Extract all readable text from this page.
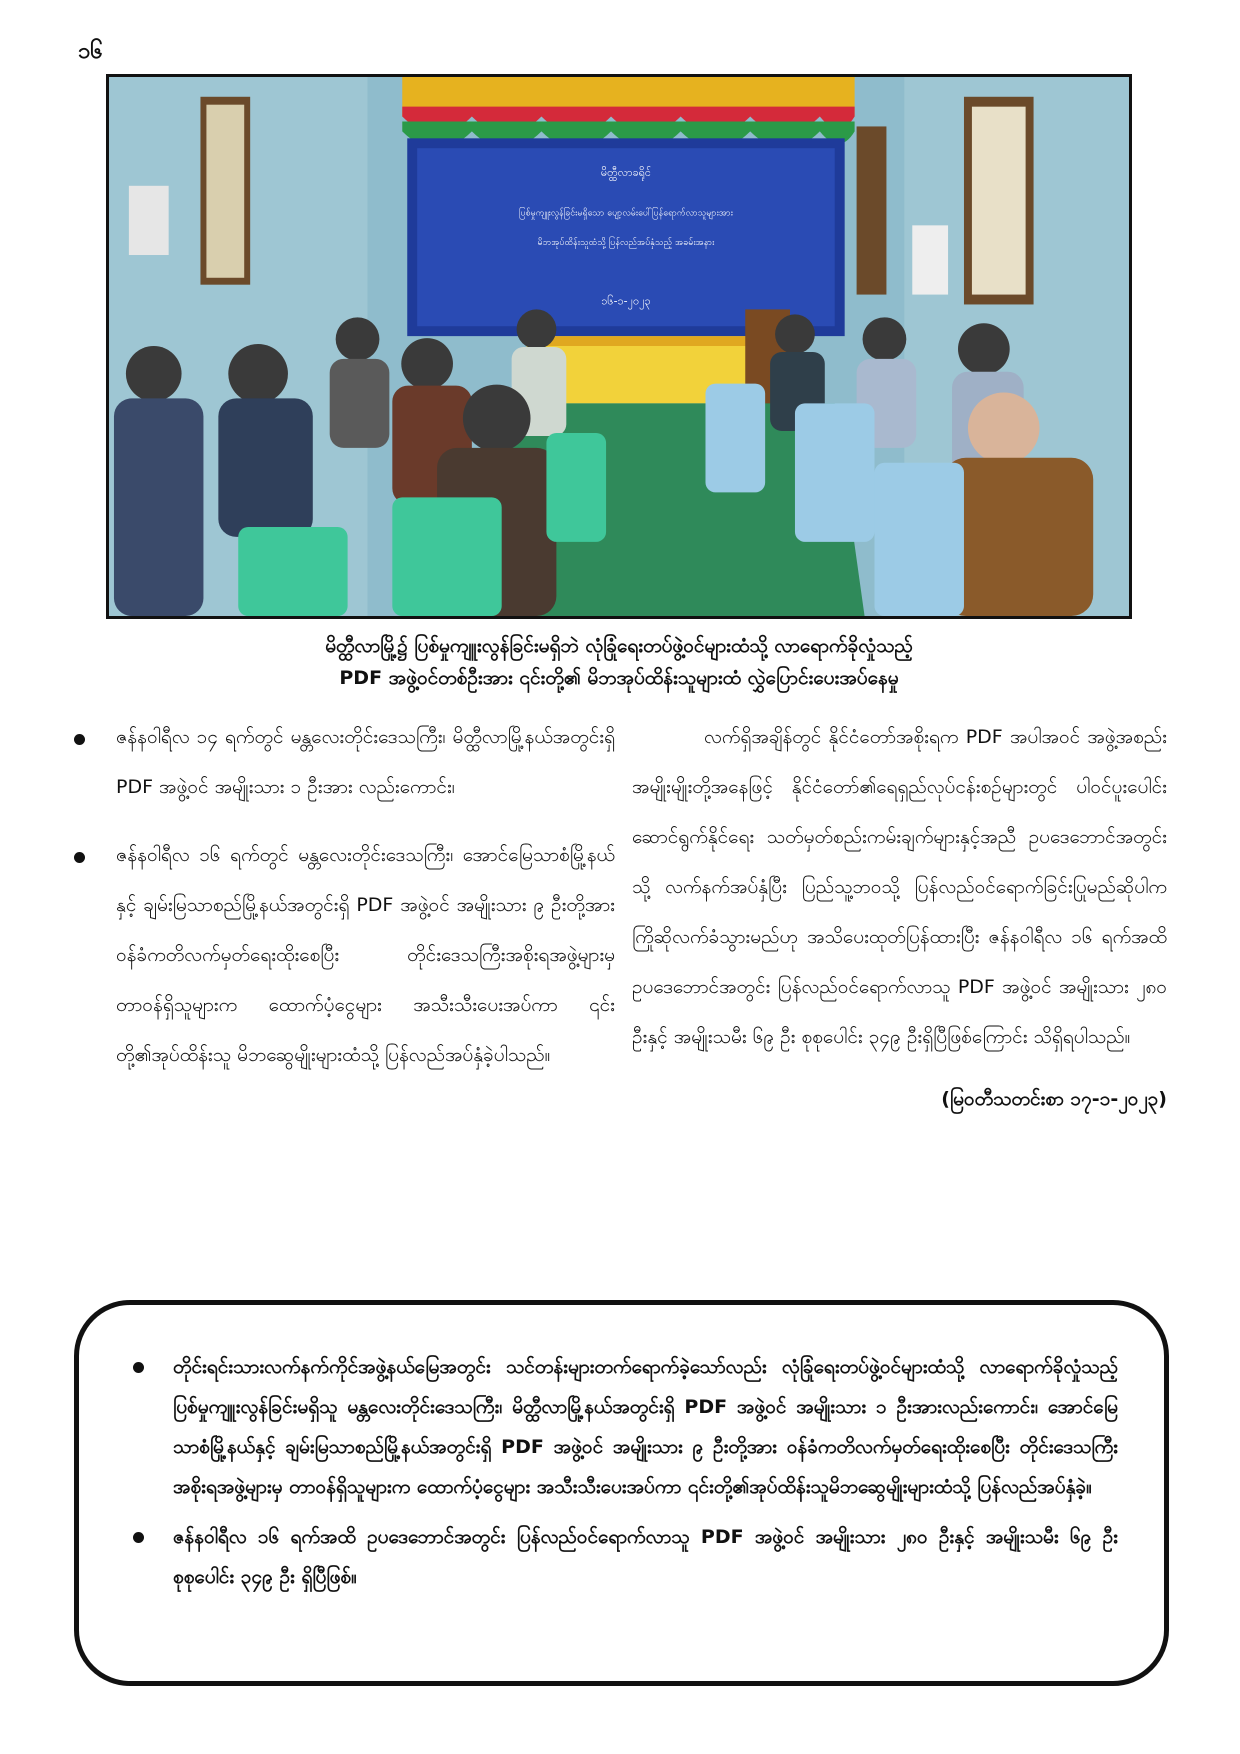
၁၆
မိတ္ထီလာခရိုင်
ပြစ်မှုကျူးလွန်ခြင်းမရှိသော ပျော့လမ်းပေါ်ပြန်ရောက်လာသူများအား
မိဘအုပ်ထိန်းသူထံသို့ ပြန်လည်အပ်နှံသည့် အခမ်းအနား
၁၆-၁-၂၀၂၃
မိတ္ထီလာမြို့၌ ပြစ်မှုကျူးလွန်ခြင်းမရှိဘဲ လုံခြုံရေးတပ်ဖွဲ့ဝင်များထံသို့ လာရောက်ခိုလှုံသည့်
PDF အဖွဲ့ဝင်တစ်ဦးအား ၎င်းတို့၏ မိဘအုပ်ထိန်းသူများထံ လွှဲပြောင်းပေးအပ်နေမှု
ဇန်နဝါရီလ ၁၄ ရက်တွင် မန္တလေးတိုင်းဒေသကြီး၊ မိတ္ထီလာမြို့နယ်အတွင်းရှိ PDF အဖွဲ့ဝင် အမျိုးသား ၁ ဦးအား လည်းကောင်း၊
ဇန်နဝါရီလ ၁၆ ရက်တွင် မန္တလေးတိုင်းဒေသကြီး၊ အောင်မြေသာစံမြို့နယ်နှင့် ချမ်းမြသာစည်မြို့နယ်အတွင်းရှိ PDF အဖွဲ့ဝင် အမျိုးသား ၉ ဦးတို့အား ဝန်ခံကတိလက်မှတ်ရေးထိုးစေပြီး တိုင်းဒေသကြီးအစိုးရအဖွဲ့များမှ တာဝန်ရှိသူများက ထောက်ပံ့ငွေများ အသီးသီးပေးအပ်ကာ ၎င်းတို့၏အုပ်ထိန်းသူ မိဘဆွေမျိုးများထံသို့ ပြန်လည်အပ်နှံခဲ့ပါသည်။

လက်ရှိအချိန်တွင် နိုင်ငံတော်အစိုးရက PDF အပါအဝင် အဖွဲ့အစည်းအမျိုးမျိုးတို့အနေဖြင့် နိုင်ငံတော်၏ရေရှည်လုပ်ငန်းစဉ်များတွင် ပါဝင်ပူးပေါင်းဆောင်ရွက်နိုင်ရေး သတ်မှတ်စည်းကမ်းချက်များနှင့်အညီ ဥပဒေဘောင်အတွင်းသို့ လက်နက်အပ်နှံပြီး ပြည်သူ့ဘဝသို့ ပြန်လည်ဝင်ရောက်ခြင်းပြုမည်ဆိုပါက ကြိုဆိုလက်ခံသွားမည်ဟု အသိပေးထုတ်ပြန်ထားပြီး ဇန်နဝါရီလ ၁၆ ရက်အထိ ဥပဒေဘောင်အတွင်း ပြန်လည်ဝင်ရောက်လာသူ PDF အဖွဲ့ဝင် အမျိုးသား ၂၈၀ ဦးနှင့် အမျိုးသမီး ၆၉ ဦး စုစုပေါင်း ၃၄၉ ဦးရှိပြီဖြစ်ကြောင်း သိရှိရပါသည်။

(မြဝတီသတင်းစာ ၁၇-၁-၂၀၂၃)
တိုင်းရင်းသားလက်နက်ကိုင်အဖွဲ့နယ်မြေအတွင်း သင်တန်းများတက်ရောက်ခဲ့သော်လည်း လုံခြုံရေးတပ်ဖွဲ့ဝင်များထံသို့ လာရောက်ခိုလှုံသည့် ပြစ်မှုကျူးလွန်ခြင်းမရှိသူ မန္တလေးတိုင်းဒေသကြီး၊ မိတ္ထီလာမြို့နယ်အတွင်းရှိ PDF အဖွဲ့ဝင် အမျိုးသား ၁ ဦးအားလည်းကောင်း၊ အောင်မြေသာစံမြို့နယ်နှင့် ချမ်းမြသာစည်မြို့နယ်အတွင်းရှိ PDF အဖွဲ့ဝင် အမျိုးသား ၉ ဦးတို့အား ဝန်ခံကတိလက်မှတ်ရေးထိုးစေပြီး တိုင်းဒေသကြီးအစိုးရအဖွဲ့များမှ တာဝန်ရှိသူများက ထောက်ပံ့ငွေများ အသီးသီးပေးအပ်ကာ ၎င်းတို့၏အုပ်ထိန်းသူမိဘဆွေမျိုးများထံသို့ ပြန်လည်အပ်နှံခဲ့။
ဇန်နဝါရီလ ၁၆ ရက်အထိ ဥပဒေဘောင်အတွင်း ပြန်လည်ဝင်ရောက်လာသူ PDF အဖွဲ့ဝင် အမျိုးသား ၂၈၀ ဦးနှင့် အမျိုးသမီး ၆၉ ဦး စုစုပေါင်း ၃၄၉ ဦး ရှိပြီဖြစ်။
